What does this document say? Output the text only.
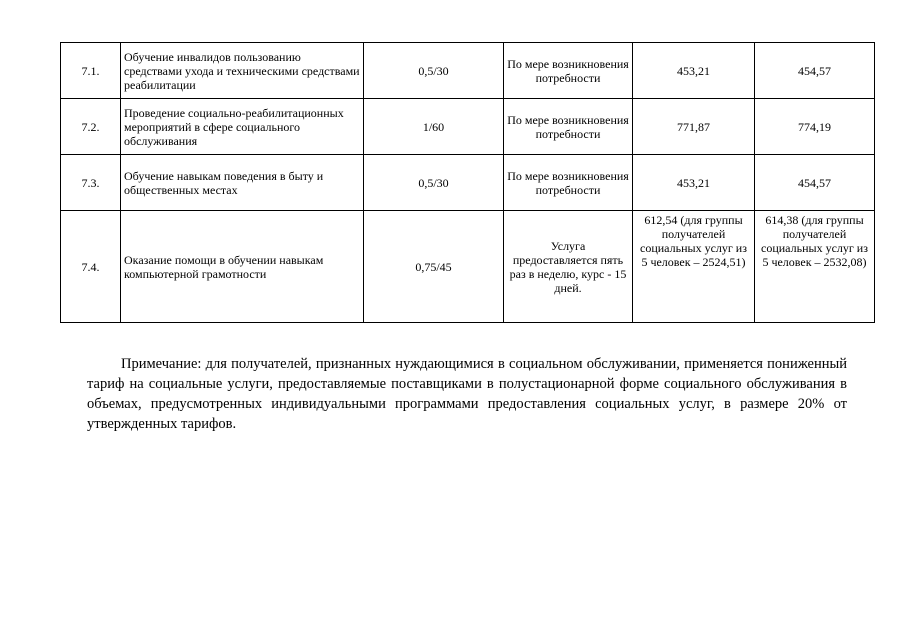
7.1.	Обучение инвалидов пользованию средствами ухода и техническими средствами реабилитации	0,5/30	По мере возникновения потребности	453,21	454,57
7.2.	Проведение социально-реабилитационных мероприятий в сфере социального обслуживания	1/60	По мере возникновения потребности	771,87	774,19
7.3.	Обучение навыкам поведения в быту и общественных местах	0,5/30	По мере возникновения потребности	453,21	454,57
7.4.	Оказание помощи в обучении навыкам компьютерной грамотности	0,75/45	Услуга предоставляется пять раз в неделю, курс - 15 дней.	612,54 (для группы получателей социальных услуг из 5 человек – 2524,51)	614,38 (для группы получателей социальных услуг из 5 человек – 2532,08)

Примечание: для получателей, признанных нуждающимися в социальном обслуживании, применяется пониженный тариф на социальные услуги, предоставляемые поставщиками в полустационарной форме социального обслуживания в объемах, предусмотренных индивидуальными программами предоставления социальных услуг, в размере 20% от утвержденных тарифов.
